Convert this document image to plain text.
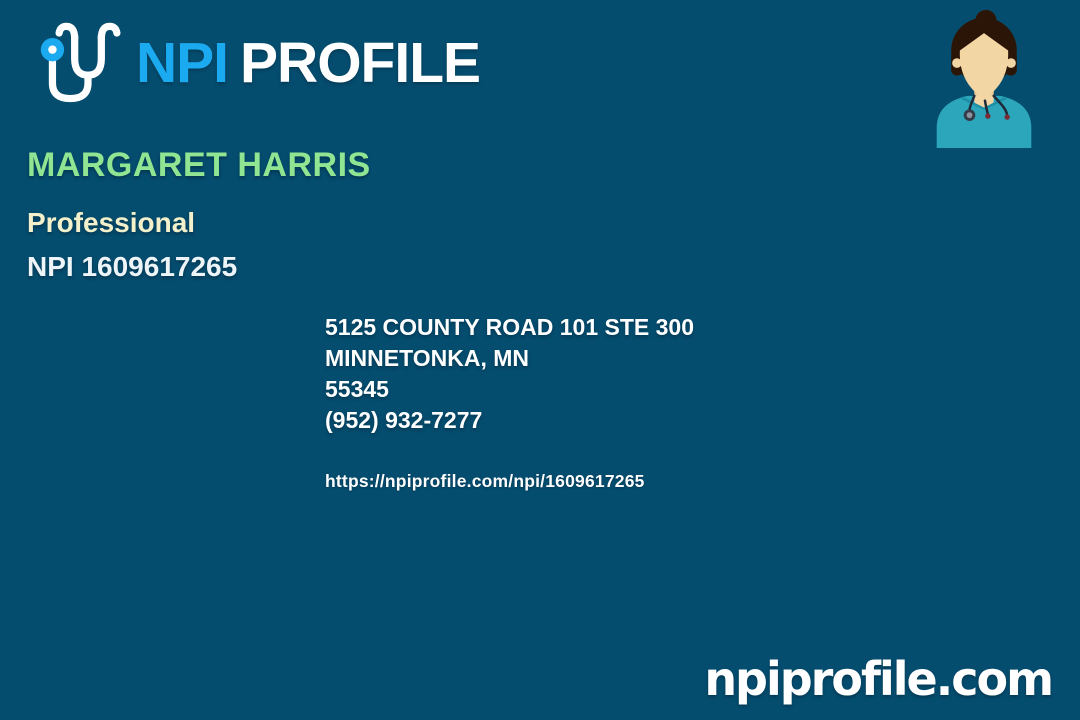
NPI PROFILE
MARGARET HARRIS
Professional
NPI 1609617265
5125 COUNTY ROAD 101 STE 300
MINNETONKA, MN
55345
(952) 932-7277
https://npiprofile.com/npi/1609617265
npiprofile.com
